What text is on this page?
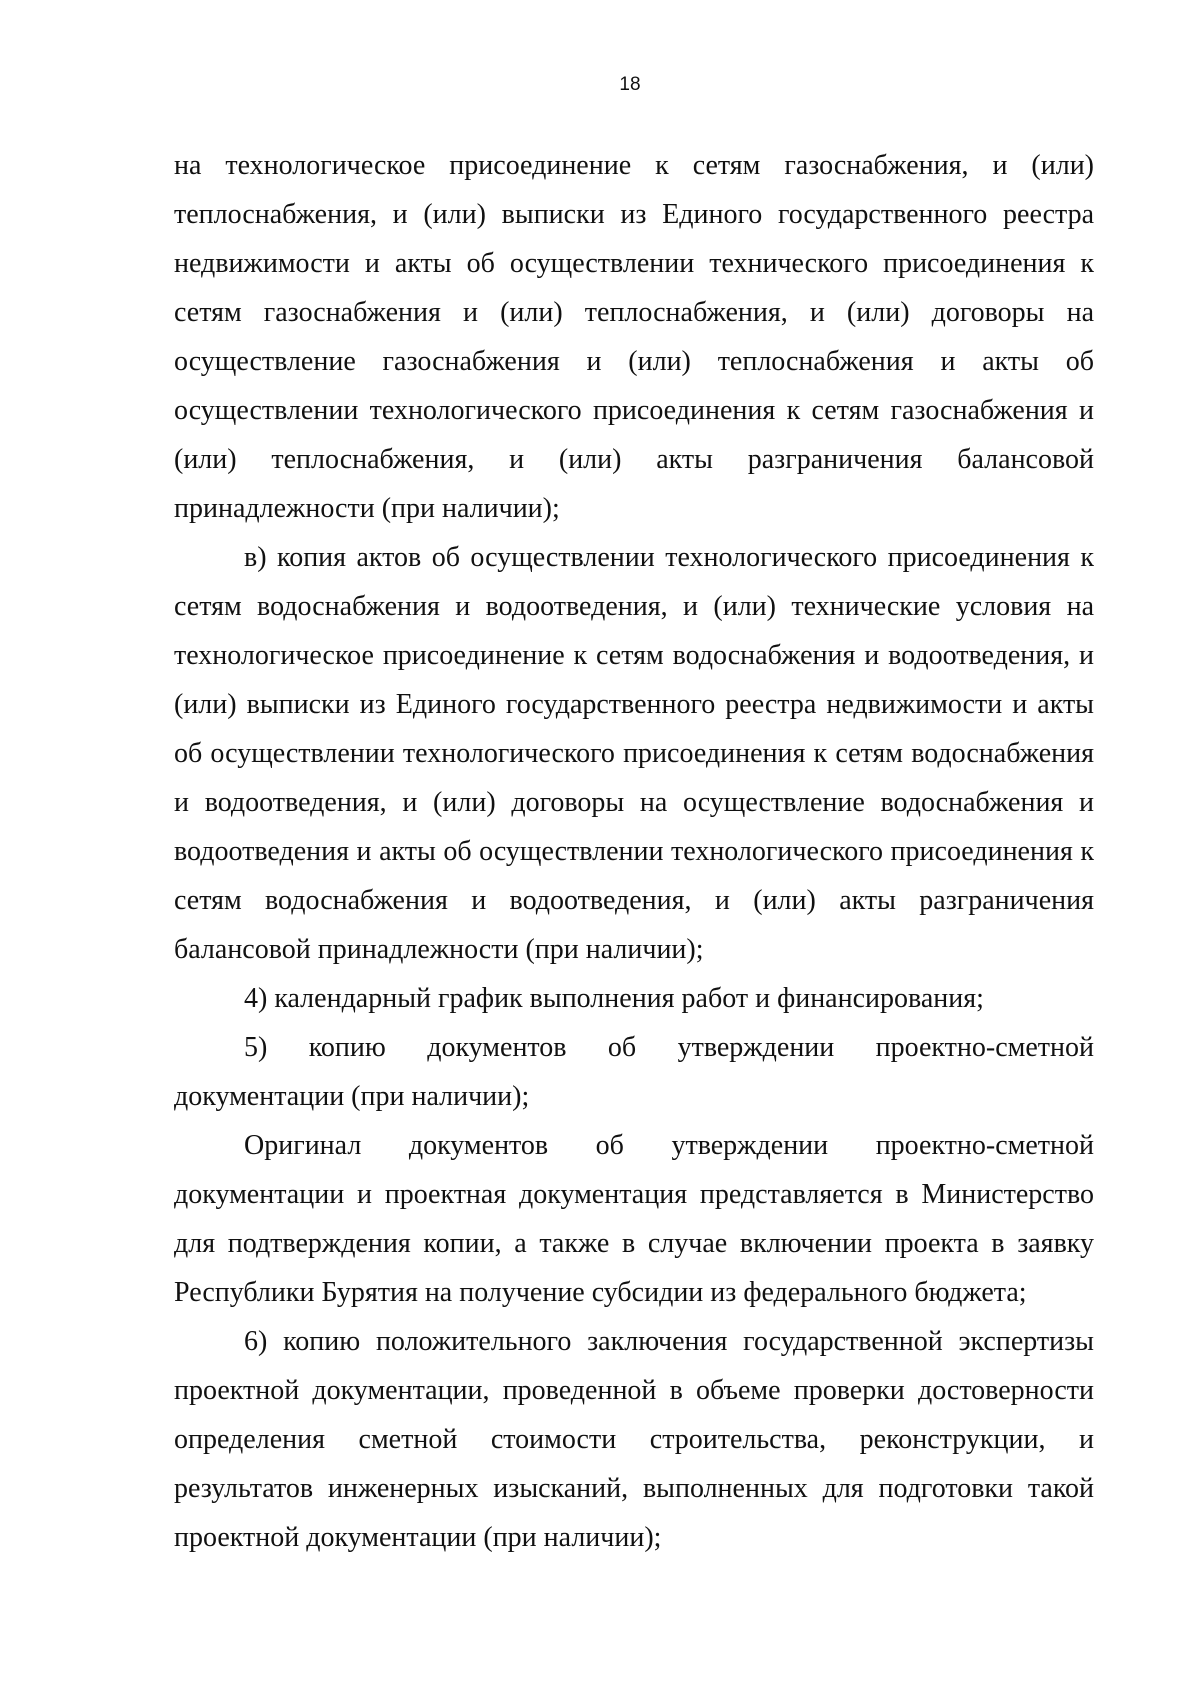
18

на технологическое присоединение к сетям газоснабжения, и (или) теплоснабжения, и (или) выписки из Единого государственного реестра недвижимости и акты об осуществлении технического присоединения к сетям газоснабжения и (или) теплоснабжения, и (или) договоры на осуществление газоснабжения и (или) теплоснабжения и акты об осуществлении технологического присоединения к сетям газоснабжения и (или) теплоснабжения, и (или) акты разграничения балансовой принадлежности (при наличии);

в) копия актов об осуществлении технологического присоединения к сетям водоснабжения и водоотведения, и (или) технические условия на технологическое присоединение к сетям водоснабжения и водоотведения, и (или) выписки из Единого государственного реестра недвижимости и акты об осуществлении технологического присоединения к сетям водоснабжения и водоотведения, и (или) договоры на осуществление водоснабжения и водоотведения и акты об осуществлении технологического присоединения к сетям водоснабжения и водоотведения, и (или) акты разграничения балансовой принадлежности (при наличии);

4) календарный график выполнения работ и финансирования;

5) копию документов об утверждении проектно-сметной документации (при наличии);

Оригинал документов об утверждении проектно-сметной документации и проектная документация представляется в Министерство для подтверждения копии, а также в случае включении проекта в заявку Республики Бурятия на получение субсидии из федерального бюджета;

6) копию положительного заключения государственной экспертизы проектной документации, проведенной в объеме проверки достоверности определения сметной стоимости строительства, реконструкции, и результатов инженерных изысканий, выполненных для подготовки такой проектной документации (при наличии);
